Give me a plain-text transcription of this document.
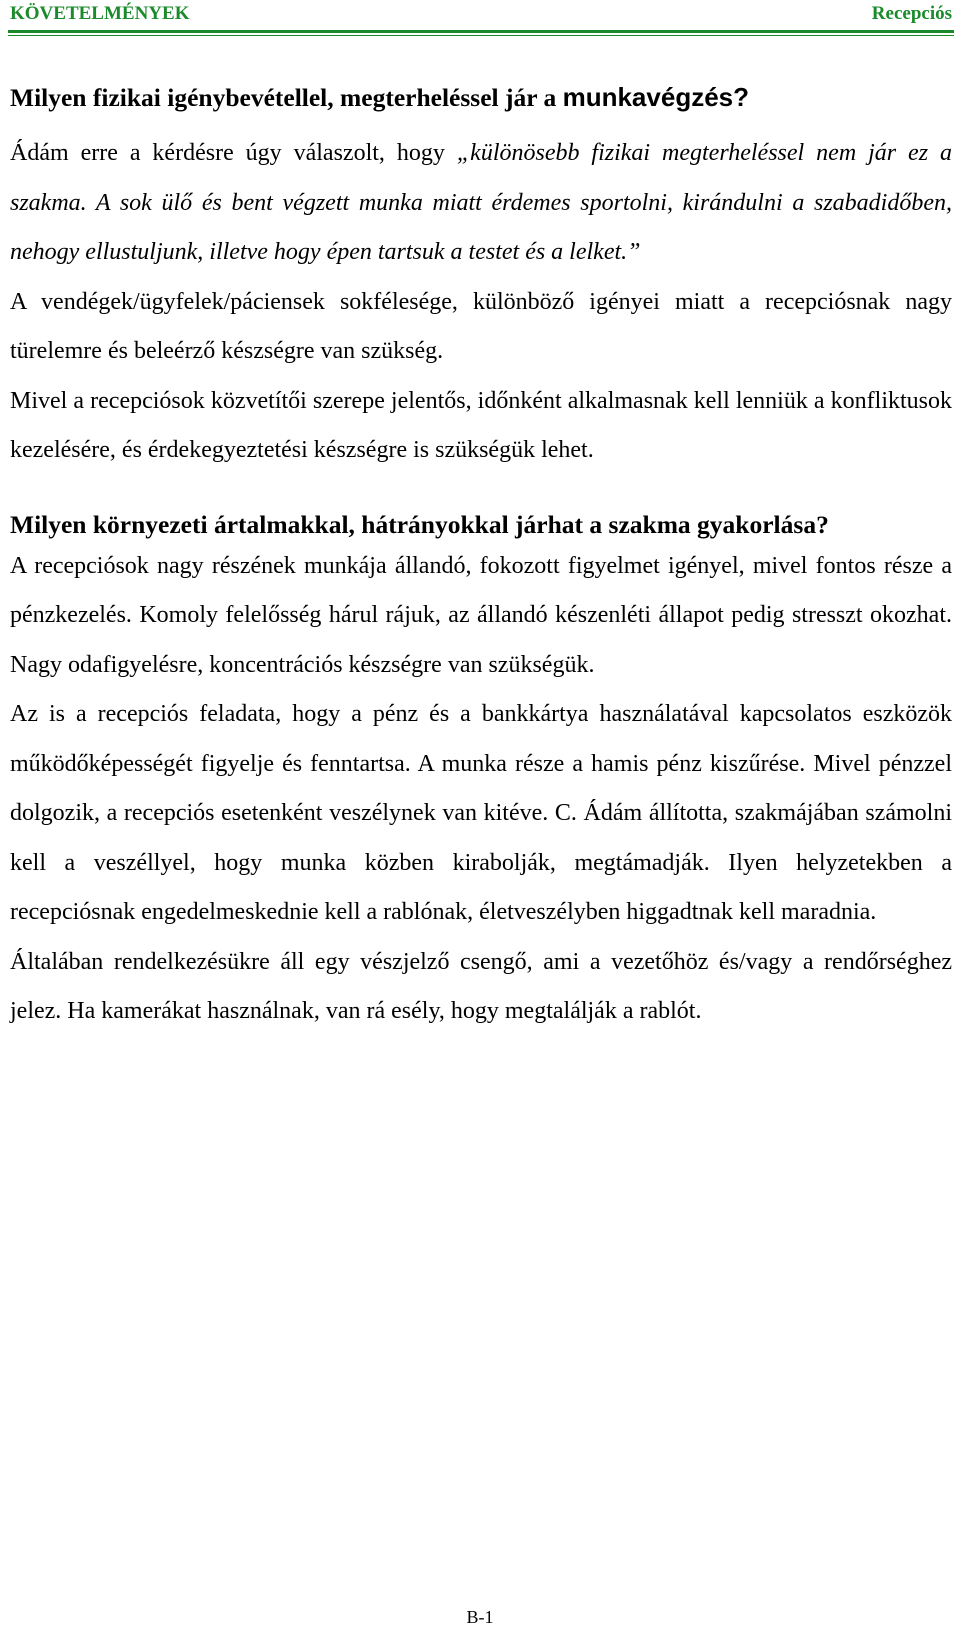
KÖVETELMÉNYEK	Recepciós
Milyen fizikai igénybevétellel, megterheléssel jár a munkavégzés?

Ádám erre a kérdésre úgy válaszolt, hogy „különösebb fizikai megterheléssel nem jár ez a szakma. A sok ülő és bent végzett munka miatt érdemes sportolni, kirándulni a szabadidőben, nehogy ellustuljunk, illetve hogy épen tartsuk a testet és a lelket.”

A vendégek/ügyfelek/páciensek sokfélesége, különböző igényei miatt a recepciósnak nagy türelemre és beleérző készségre van szükség.

Mivel a recepciósok közvetítői szerepe jelentős, időnként alkalmasnak kell lenniük a konfliktusok kezelésére, és érdekegyeztetési készségre is szükségük lehet.

Milyen környezeti ártalmakkal, hátrányokkal járhat a szakma gyakorlása?

A recepciósok nagy részének munkája állandó, fokozott figyelmet igényel, mivel fontos része a pénzkezelés. Komoly felelősség hárul rájuk, az állandó készenléti állapot pedig stresszt okozhat. Nagy odafigyelésre, koncentrációs készségre van szükségük.

Az is a recepciós feladata, hogy a pénz és a bankkártya használatával kapcsolatos eszközök működőképességét figyelje és fenntartsa. A munka része a hamis pénz kiszűrése. Mivel pénzzel dolgozik, a recepciós esetenként veszélynek van kitéve. C. Ádám állította, szakmájában számolni kell a veszéllyel, hogy munka közben kirabolják, megtámadják. Ilyen helyzetekben a recepciósnak engedelmeskednie kell a rablónak, életveszélyben higgadtnak kell maradnia.

Általában rendelkezésükre áll egy vészjelző csengő, ami a vezetőhöz és/vagy a rendőrséghez jelez. Ha kamerákat használnak, van rá esély, hogy megtalálják a rablót.

B-1
